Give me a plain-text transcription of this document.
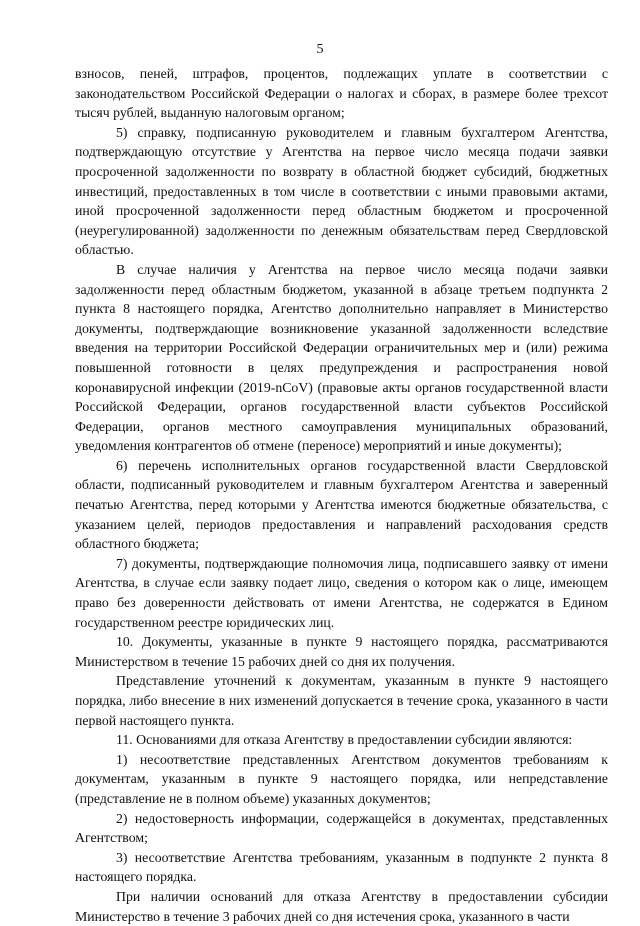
5

взносов, пеней, штрафов, процентов, подлежащих уплате в соответствии с законодательством Российской Федерации о налогах и сборах, в размере более трехсот тысяч рублей, выданную налоговым органом;

5) справку, подписанную руководителем и главным бухгалтером Агентства, подтверждающую отсутствие у Агентства на первое число месяца подачи заявки просроченной задолженности по возврату в областной бюджет субсидий, бюджетных инвестиций, предоставленных в том числе в соответствии с иными правовыми актами, иной просроченной задолженности перед областным бюджетом и просроченной (неурегулированной) задолженности по денежным обязательствам перед Свердловской областью.

В случае наличия у Агентства на первое число месяца подачи заявки задолженности перед областным бюджетом, указанной в абзаце третьем подпункта 2 пункта 8 настоящего порядка, Агентство дополнительно направляет в Министерство документы, подтверждающие возникновение указанной задолженности вследствие введения на территории Российской Федерации ограничительных мер и (или) режима повышенной готовности в целях предупреждения и распространения новой коронавирусной инфекции (2019-nCoV) (правовые акты органов государственной власти Российской Федерации, органов государственной власти субъектов Российской Федерации, органов местного самоуправления муниципальных образований, уведомления контрагентов об отмене (переносе) мероприятий и иные документы);

6) перечень исполнительных органов государственной власти Свердловской области, подписанный руководителем и главным бухгалтером Агентства и заверенный печатью Агентства, перед которыми у Агентства имеются бюджетные обязательства, с указанием целей, периодов предоставления и направлений расходования средств областного бюджета;

7) документы, подтверждающие полномочия лица, подписавшего заявку от имени Агентства, в случае если заявку подает лицо, сведения о котором как о лице, имеющем право без доверенности действовать от имени Агентства, не содержатся в Едином государственном реестре юридических лиц.

10. Документы, указанные в пункте 9 настоящего порядка, рассматриваются Министерством в течение 15 рабочих дней со дня их получения.

Представление уточнений к документам, указанным в пункте 9 настоящего порядка, либо внесение в них изменений допускается в течение срока, указанного в части первой настоящего пункта.

11. Основаниями для отказа Агентству в предоставлении субсидии являются:

1) несоответствие представленных Агентством документов требованиям к документам, указанным в пункте 9 настоящего порядка, или непредставление (представление не в полном объеме) указанных документов;

2) недостоверность информации, содержащейся в документах, представленных Агентством;

3) несоответствие Агентства требованиям, указанным в подпункте 2 пункта 8 настоящего порядка.

При наличии оснований для отказа Агентству в предоставлении субсидии Министерство в течение 3 рабочих дней со дня истечения срока, указанного в части
